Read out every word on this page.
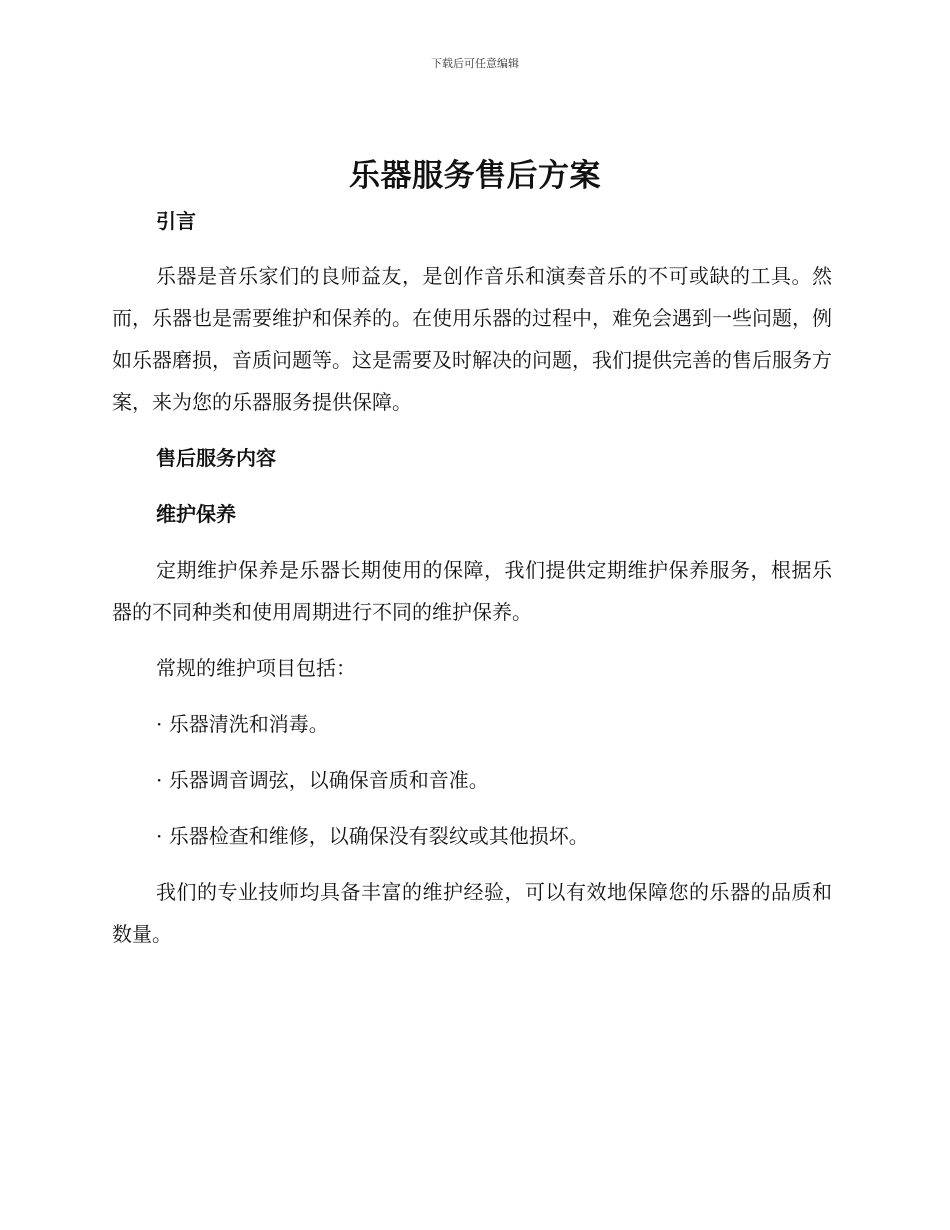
下载后可任意编辑
乐器服务售后方案

引言

乐器是音乐家们的良师益友，是创作音乐和演奏音乐的不可或缺的工具。然而，乐器也是需要维护和保养的。在使用乐器的过程中，难免会遇到一些问题，例如乐器磨损，音质问题等。这是需要及时解决的问题，我们提供完善的售后服务方案，来为您的乐器服务提供保障。

售后服务内容

维护保养

定期维护保养是乐器长期使用的保障，我们提供定期维护保养服务，根据乐器的不同种类和使用周期进行不同的维护保养。

常规的维护项目包括：

· 乐器清洗和消毒。

· 乐器调音调弦，以确保音质和音准。

· 乐器检查和维修，以确保没有裂纹或其他损坏。

我们的专业技师均具备丰富的维护经验，可以有效地保障您的乐器的品质和数量。
